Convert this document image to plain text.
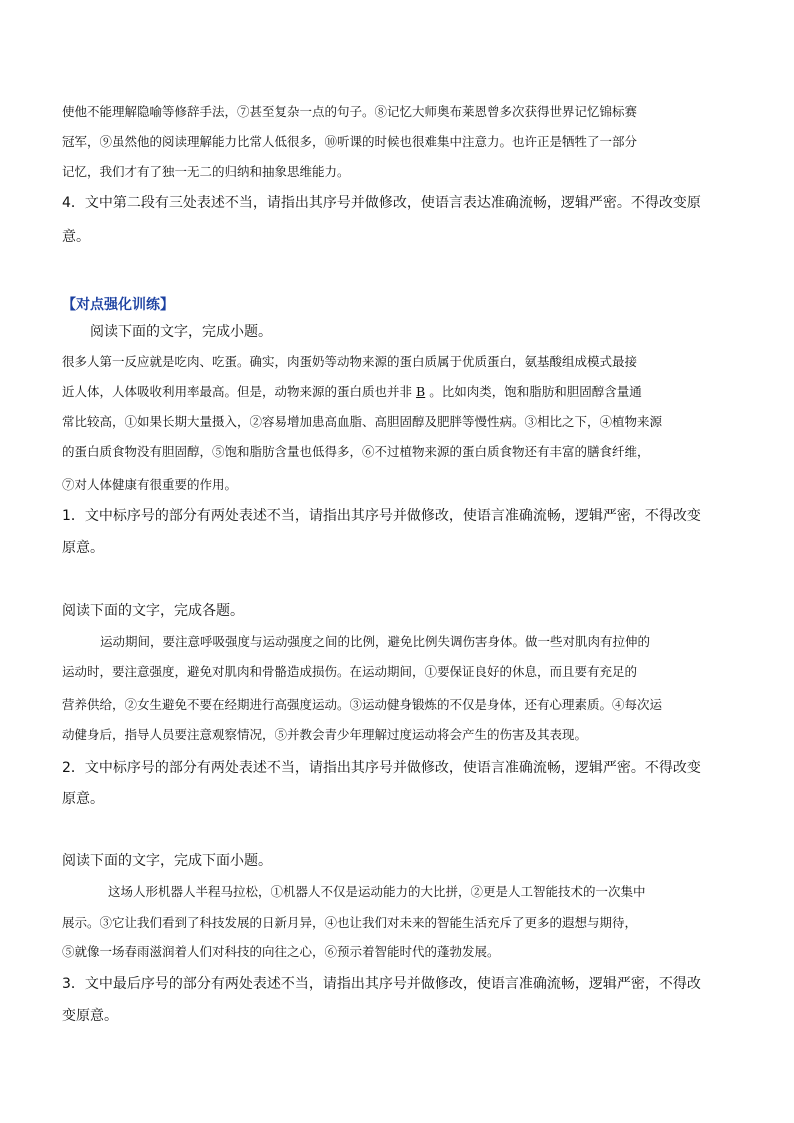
使他不能理解隐喻等修辞手法，⑦甚至复杂一点的句子。⑧记忆大师奥布莱恩曾多次获得世界记忆锦标赛
冠军，⑨虽然他的阅读理解能力比常人低很多，⑩听课的时候也很难集中注意力。也许正是牺牲了一部分
记忆，我们才有了独一无二的归纳和抽象思维能力。
4．文中第二段有三处表述不当，请指出其序号并做修改，使语言表达准确流畅，逻辑严密。不得改变原
意。
【对点强化训练】
阅读下面的文字，完成小题。
很多人第一反应就是吃肉、吃蛋。确实，肉蛋奶等动物来源的蛋白质属于优质蛋白，氨基酸组成模式最接
近人体，人体吸收利用率最高。但是，动物来源的蛋白质也并非 B 。比如肉类，饱和脂肪和胆固醇含量通
常比较高，①如果长期大量摄入，②容易增加患高血脂、高胆固醇及肥胖等慢性病。③相比之下，④植物来源
的蛋白质食物没有胆固醇，⑤饱和脂肪含量也低得多，⑥不过植物来源的蛋白质食物还有丰富的膳食纤维，
⑦对人体健康有很重要的作用。
1．文中标序号的部分有两处表述不当，请指出其序号并做修改，使语言准确流畅，逻辑严密，不得改变
原意。
阅读下面的文字，完成各题。
运动期间，要注意呼吸强度与运动强度之间的比例，避免比例失调伤害身体。做一些对肌肉有拉伸的
运动时，要注意强度，避免对肌肉和骨骼造成损伤。在运动期间，①要保证良好的休息，而且要有充足的
营养供给，②女生避免不要在经期进行高强度运动。③运动健身锻炼的不仅是身体，还有心理素质。④每次运
动健身后，指导人员要注意观察情况，⑤并教会青少年理解过度运动将会产生的伤害及其表现。
2．文中标序号的部分有两处表述不当，请指出其序号并做修改，使语言准确流畅，逻辑严密。不得改变
原意。
阅读下面的文字，完成下面小题。
这场人形机器人半程马拉松，①机器人不仅是运动能力的大比拼，②更是人工智能技术的一次集中
展示。③它让我们看到了科技发展的日新月异，④也让我们对未来的智能生活充斥了更多的遐想与期待，
⑤就像一场春雨滋润着人们对科技的向往之心，⑥预示着智能时代的蓬勃发展。
3．文中最后序号的部分有两处表述不当，请指出其序号并做修改，使语言准确流畅，逻辑严密，不得改
变原意。
